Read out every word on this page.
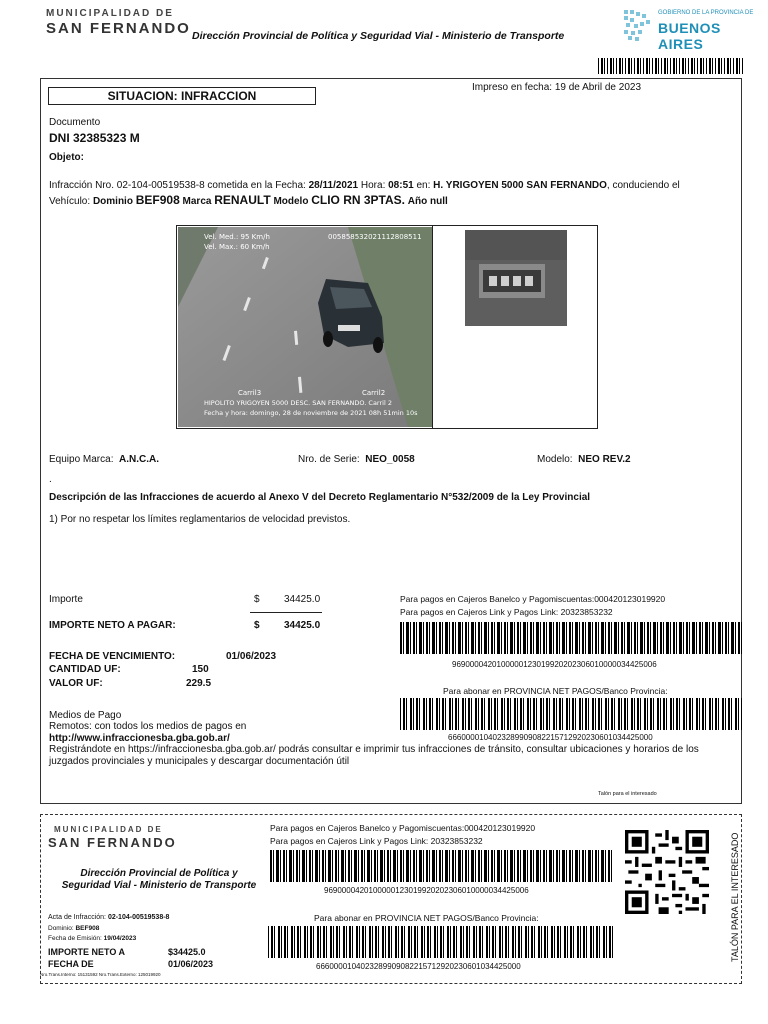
MUNICIPALIDAD DE
SAN FERNANDO Dirección Provincial de Política y Seguridad Vial - Ministerio de Transporte
GOBIERNO DE LA PROVINCIA DE
BUENOS AIRES
SITUACION: INFRACCION
Impreso en fecha: 19 de Abril de 2023
Documento
DNI 32385323 M
Objeto:
Infracción Nro. 02-104-00519538-8 cometida en la Fecha: 28/11/2021 Hora: 08:51 en: H. YRIGOYEN 5000 SAN FERNANDO, conduciendo el
Vehículo: Dominio BEF908 Marca RENAULT Modelo CLIO RN 3PTAS. Año null
Vel. Med.: 95 Km/h
Vel. Max.: 60 Km/h
005858532021112808511
Carril3	Carril2
HIPOLITO YRIGOYEN 5000 DESC. SAN FERNANDO. Carril 2
Fecha y hora: domingo, 28 de noviembre de 2021 08h 51min 10s
Equipo Marca: A.N.C.A.	Nro. de Serie: NEO_0058	Modelo: NEO REV.2
.
Descripción de las Infracciones de acuerdo al Anexo V del Decreto Reglamentario N°532/2009 de la Ley Provincial
1) Por no respetar los límites reglamentarios de velocidad previstos.
Importe	$ 34425.0
IMPORTE NETO A PAGAR:	$ 34425.0
FECHA DE VENCIMIENTO:	01/06/2023
CANTIDAD UF:	150
VALOR UF:	229.5
Para pagos en Cajeros Banelco y Pagomiscuentas:000420123019920
Para pagos en Cajeros Link y Pagos Link: 20323853232
9690000420100000123019920202306010000034425006
Para abonar en PROVINCIA NET PAGOS/Banco Provincia:
6660000104023289909082215712920230601034425000
Medios de Pago
Remotos: con todos los medios de pagos en
http://www.infraccionesba.gba.gob.ar/
Registrándote en https://infraccionesba.gba.gob.ar/ podrás consultar e imprimir tus infracciones de tránsito, consultar ubicaciones y horarios de los
juzgados provinciales y municipales y descargar documentación útil
Talón para el interesado
MUNICIPALIDAD DE
SAN FERNANDO
Dirección Provincial de Política y
Seguridad Vial - Ministerio de Transporte
Para pagos en Cajeros Banelco y Pagomiscuentas:000420123019920
Para pagos en Cajeros Link y Pagos Link: 20323853232
9690000420100000123019920202306010000034425006
Para abonar en PROVINCIA NET PAGOS/Banco Provincia:
6660000104023289909082215712920230601034425000
Acta de Infracción: 02-104-00519538-8
Dominio: BEF908
Fecha de Emisión: 19/04/2023
IMPORTE NETO A	$34425.0
FECHA DE	01/06/2023
Nro.Trans.Interno: 15131592 Nro.Trans.Externo: 125019920
TALÓN PARA EL INTERESADO
